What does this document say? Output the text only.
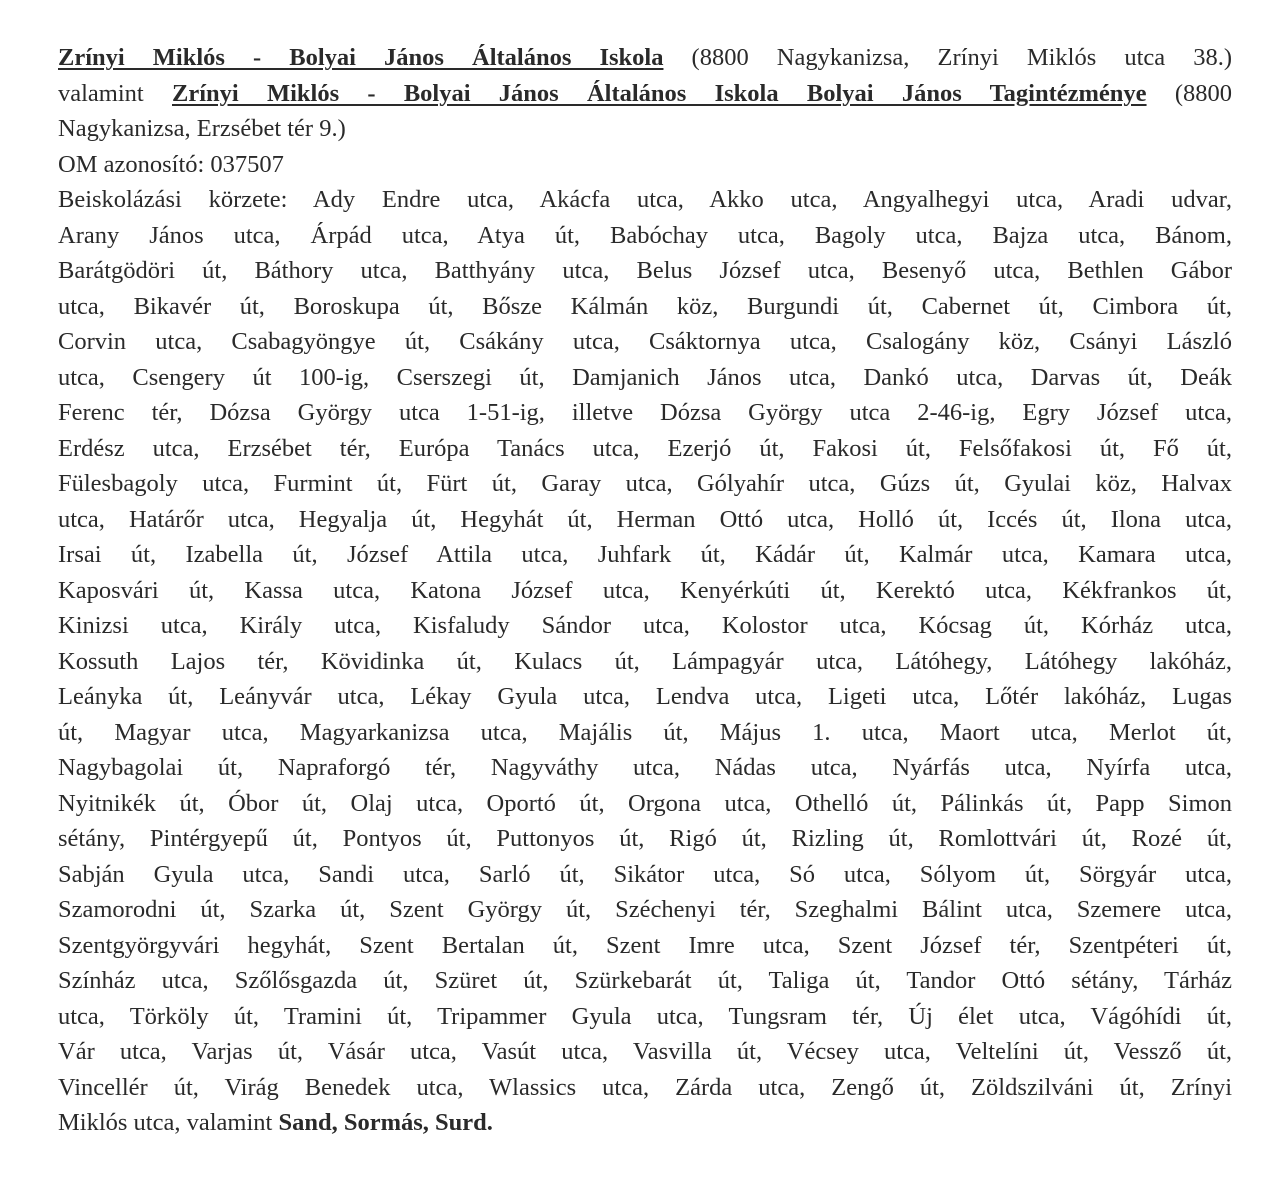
Zrínyi Miklós - Bolyai János Általános Iskola (8800 Nagykanizsa, Zrínyi Miklós utca 38.)
valamint Zrínyi Miklós - Bolyai János Általános Iskola Bolyai János Tagintézménye (8800
Nagykanizsa, Erzsébet tér 9.)
OM azonosító: 037507
Beiskolázási körzete: Ady Endre utca, Akácfa utca, Akko utca, Angyalhegyi utca, Aradi udvar,
Arany János utca, Árpád utca, Atya út, Babóchay utca, Bagoly utca, Bajza utca, Bánom,
Barátgödöri út, Báthory utca, Batthyány utca, Belus József utca, Besenyő utca, Bethlen Gábor
utca, Bikavér út, Boroskupa út, Bősze Kálmán köz, Burgundi út, Cabernet út, Cimbora út,
Corvin utca, Csabagyöngye út, Csákány utca, Csáktornya utca, Csalogány köz, Csányi László
utca, Csengery út 100-ig, Cserszegi út, Damjanich János utca, Dankó utca, Darvas út, Deák
Ferenc tér, Dózsa György utca 1-51-ig, illetve Dózsa György utca 2-46-ig, Egry József utca,
Erdész utca, Erzsébet tér, Európa Tanács utca, Ezerjó út, Fakosi út, Felsőfakosi út, Fő út,
Fülesbagoly utca, Furmint út, Fürt út, Garay utca, Gólyahír utca, Gúzs út, Gyulai köz, Halvax
utca, Határőr utca, Hegyalja út, Hegyhát út, Herman Ottó utca, Holló út, Iccés út, Ilona utca,
Irsai út, Izabella út, József Attila utca, Juhfark út, Kádár út, Kalmár utca, Kamara utca,
Kaposvári út, Kassa utca, Katona József utca, Kenyérkúti út, Kerektó utca, Kékfrankos út,
Kinizsi utca, Király utca, Kisfaludy Sándor utca, Kolostor utca, Kócsag út, Kórház utca,
Kossuth Lajos tér, Kövidinka út, Kulacs út, Lámpagyár utca, Látóhegy, Látóhegy lakóház,
Leányka út, Leányvár utca, Lékay Gyula utca, Lendva utca, Ligeti utca, Lőtér lakóház, Lugas
út, Magyar utca, Magyarkanizsa utca, Majális út, Május 1. utca, Maort utca, Merlot út,
Nagybagolai út, Napraforgó tér, Nagyváthy utca, Nádas utca, Nyárfás utca, Nyírfa utca,
Nyitnikék út, Óbor út, Olaj utca, Oportó út, Orgona utca, Othelló út, Pálinkás út, Papp Simon
sétány, Pintérgyepű út, Pontyos út, Puttonyos út, Rigó út, Rizling út, Romlottvári út, Rozé út,
Sabján Gyula utca, Sandi utca, Sarló út, Sikátor utca, Só utca, Sólyom út, Sörgyár utca,
Szamorodni út, Szarka út, Szent György út, Széchenyi tér, Szeghalmi Bálint utca, Szemere utca,
Szentgyörgyvári hegyhát, Szent Bertalan út, Szent Imre utca, Szent József tér, Szentpéteri út,
Színház utca, Szőlősgazda út, Szüret út, Szürkebarát út, Taliga út, Tandor Ottó sétány, Tárház
utca, Törköly út, Tramini út, Tripammer Gyula utca, Tungsram tér, Új élet utca, Vágóhídi út,
Vár utca, Varjas út, Vásár utca, Vasút utca, Vasvilla út, Vécsey utca, Veltelíni út, Vessző út,
Vincellér út, Virág Benedek utca, Wlassics utca, Zárda utca, Zengő út, Zöldszilváni út, Zrínyi
Miklós utca, valamint Sand, Sormás, Surd.
